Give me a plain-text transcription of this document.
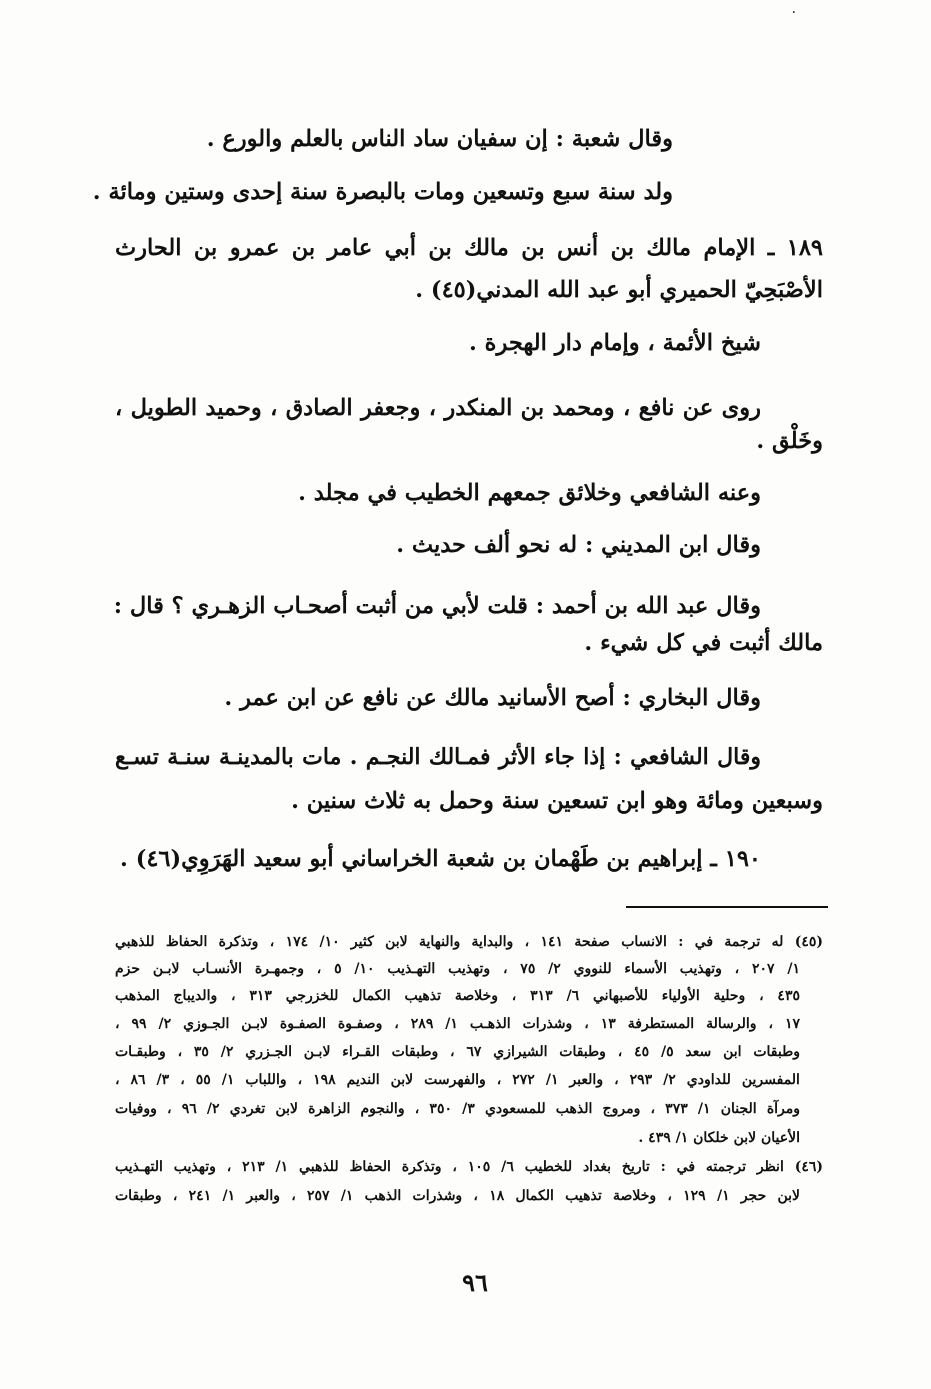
٠
وقال شعبة : إن سفيان ساد الناس بالعلم والورع .
ولد سنة سبع وتسعين ومات بالبصرة سنة إحدى وستين ومائة .
١٨٩ ـ الإمام مالك بن أنس بن مالك بن أبي عامر بن عمرو بن الحارث
الأصْبَحِيّ الحميري أبو عبد الله المدني(٤٥) .
شيخ الأئمة ، وإمام دار الهجرة .
روى عن نافع ، ومحمد بن المنكدر ، وجعفر الصادق ، وحميد الطويل ،
وخَلْق .
وعنه الشافعي وخلائق جمعهم الخطيب في مجلد .
وقال ابن المديني : له نحو ألف حديث .
وقال عبد الله بن أحمد : قلت لأبي من أثبت أصحـاب الزهـري ؟ قال :
مالك أثبت في كل شيء .
وقال البخاري : أصح الأسانيد مالك عن نافع عن ابن عمر .
وقال الشافعي : إذا جاء الأثر فمـالك النجـم . مات بالمدينـة سنـة تسـع
وسبعين ومائة وهو ابن تسعين سنة وحمل به ثلاث سنين .
١٩٠ ـ إبراهيم بن طَهْمان بن شعبة الخراساني أبو سعيد الهَرَوِي(٤٦) .
(٤٥) له ترجمة في : الانساب صفحة ١٤١ ، والبداية والنهاية لابن كثير ١٠/ ١٧٤ ، وتذكرة الحفاظ للذهبي
١/ ٢٠٧ ، وتهذيب الأسماء للنووي ٢/ ٧٥ ، وتهذيب التهـذيب ١٠/ ٥ ، وجمهـرة الأنسـاب لابـن حزم
٤٣٥ ، وحلية الأولياء للأصبهاني ٦/ ٣١٣ ، وخلاصة تذهيب الكمال للخزرجي ٣١٣ ، والديباج المذهب
١٧ ، والرسالة المستطرفة ١٣ ، وشذرات الذهـب ١/ ٢٨٩ ، وصفـوة الصفـوة لابـن الجـوزي ٢/ ٩٩ ،
وطبقات ابن سعد ٥/ ٤٥ ، وطبقات الشيرازي ٦٧ ، وطبقات القـراء لابـن الجـزري ٢/ ٣٥ ، وطبقـات
المفسرين للداودي ٢/ ٢٩٣ ، والعبر ١/ ٢٧٢ ، والفهرست لابن النديم ١٩٨ ، واللباب ١/ ٥٥ ، ٣/ ٨٦ ،
ومرآة الجنان ١/ ٣٧٣ ، ومروج الذهب للمسعودي ٣/ ٣٥٠ ، والنجوم الزاهرة لابن تغردي ٢/ ٩٦ ، ووفيات
الأعيان لابن خلكان ١/ ٤٣٩ .
(٤٦) انظر ترجمته في : تاريخ بغداد للخطيب ٦/ ١٠٥ ، وتذكرة الحفاظ للذهبي ١/ ٢١٣ ، وتهذيب التهـذيب
لابن حجر ١/ ١٢٩ ، وخلاصة تذهيب الكمال ١٨ ، وشذرات الذهب ١/ ٢٥٧ ، والعبر ١/ ٢٤١ ، وطبقات
٩٦
